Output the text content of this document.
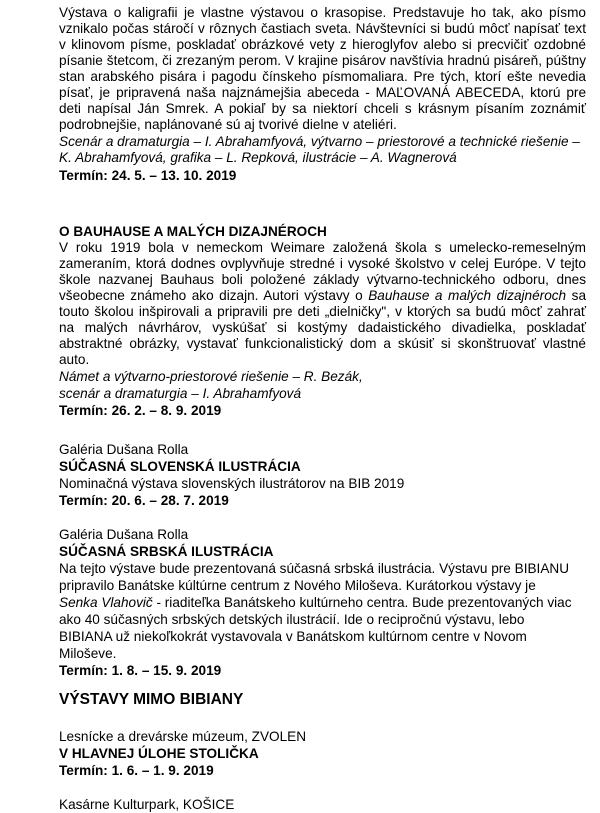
Výstava o kaligrafii je vlastne výstavou o krasopise. Predstavuje ho tak, ako písmo vznikalo počas stáročí v rôznych častiach sveta. Návštevníci si budú môcť napísať text v klinovom písme, poskladať obrázkové vety z hieroglyfov alebo si precvičiť ozdobné písanie štetcom, či zrezaným perom. V krajine pisárov navštívia hradnú pisáreň, púštny stan arabského pisára i pagodu čínskeho písmomaliara. Pre tých, ktorí ešte nevedia písať, je pripravená naša najznámejšia abeceda - MAĽOVANÁ ABECEDA, ktorú pre deti napísal Ján Smrek. A pokiaľ by sa niektorí chceli s krásnym písaním zoznámiť podrobnejšie, naplánované sú aj tvorivé dielne v ateliéri.

Scenár a dramaturgia – I. Abrahamfyová, výtvarno – priestorové a technické riešenie – K. Abrahamfyová, grafika – L. Repková, ilustrácie – A. Wagnerová

Termín: 24. 5. – 13. 10. 2019

O BAUHAUSE A MALÝCH DIZAJNÉROCH

V roku 1919 bola v nemeckom Weimare založená škola s umelecko-remeselným zameraním, ktorá dodnes ovplyvňuje stredné i vysoké školstvo v celej Európe. V tejto škole nazvanej Bauhaus boli položené základy výtvarno-technického odboru, dnes všeobecne známeho ako dizajn. Autori výstavy o Bauhause a malých dizajnéroch sa touto školou inšpirovali a pripravili pre deti „dielničky", v ktorých sa budú môcť zahrať na malých návrhárov, vyskúšať si kostýmy dadaistického divadielka, poskladať abstraktné obrázky, vystavať funkcionalistický dom a skúsiť si skonštruovať vlastné auto.

Námet a výtvarno-priestorové riešenie – R. Bezák,

scenár a dramaturgia – I. Abrahamfyová

Termín: 26. 2. – 8. 9. 2019

Galéria Dušana Rolla

SÚČASNÁ SLOVENSKÁ ILUSTRÁCIA

Nominačná výstava slovenských ilustrátorov na BIB 2019

Termín: 20. 6. – 28. 7. 2019

Galéria Dušana Rolla

SÚČASNÁ SRBSKÁ ILUSTRÁCIA

Na tejto výstave bude prezentovaná súčasná srbská ilustrácia. Výstavu pre BIBIANU

pripravilo Banátske kúltúrne centrum z Nového Miloševa. Kurátorkou výstavy je

Senka Vlahovič - riaditeľka Banátskeho kultúrneho centra. Bude prezentovaných viac

ako 40 súčasných srbských detských ilustrácií. Ide o recipročnú výstavu, lebo

BIBIANA už niekoľkokrát vystavovala v Banátskom kultúrnom centre v Novom

Miloševe.

Termín: 1. 8. – 15. 9. 2019

VÝSTAVY MIMO BIBIANY

Lesnícke a drevárske múzeum, ZVOLEN

V HLAVNEJ ÚLOHE STOLIČKA

Termín: 1. 6. – 1. 9. 2019

Kasárne Kulturpark, KOŠICE
